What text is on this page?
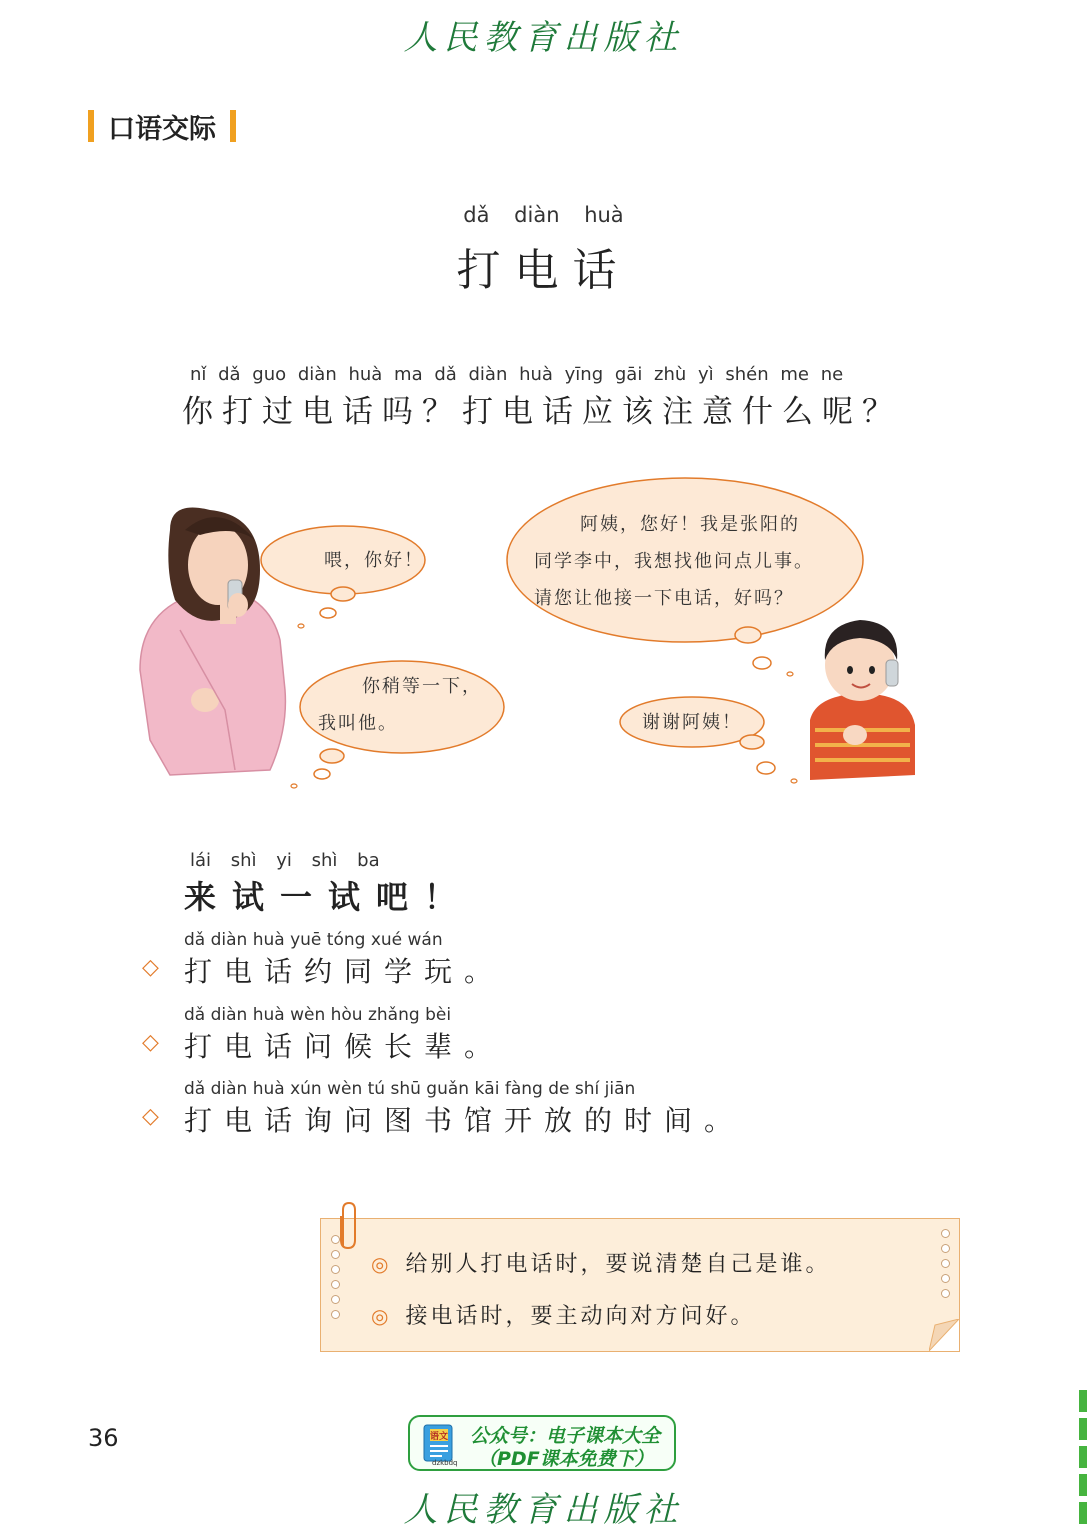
人民教育出版社
口语交际
dǎ diàn huà
打电话
nǐ dǎ guo diàn huà ma dǎ diàn huà yīng gāi zhù yì shén me ne
你打过电话吗？打电话应该注意什么呢？
喂，你好！
你稍等一下，
我叫他。
阿姨，您好！我是张阳的
同学李中，我想找他问点儿事。
请您让他接一下电话，好吗？
谢谢阿姨！
lái shì yi shì ba
来试一试吧！
dǎ diàn huà yuē tóng xué wán
◇ 打电话约同学玩。
dǎ diàn huà wèn hòu zhǎng bèi
◇ 打电话问候长辈。
dǎ diàn huà xún wèn tú shū guǎn kāi fàng de shí jiān
◇ 打电话询问图书馆开放的时间。
◎ 给别人打电话时，要说清楚自己是谁。
◎ 接电话时，要主动向对方问好。
36	语文
dzkbdq
公众号：电子课本大全
（PDF课本免费下）
人民教育出版社
